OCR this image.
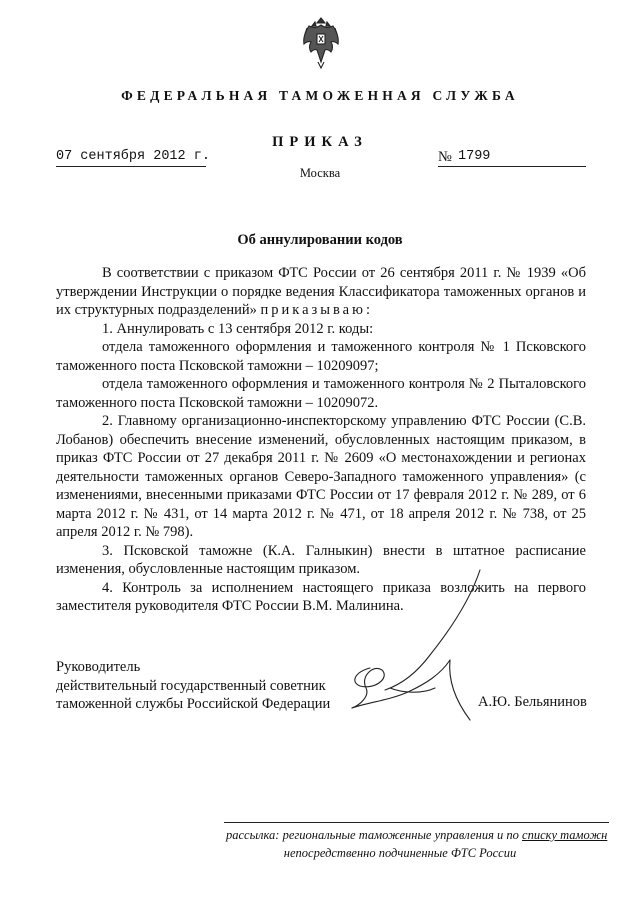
ФЕДЕРАЛЬНАЯ ТАМОЖЕННАЯ СЛУЖБА
ПРИКАЗ
07 сентября 2012 г.	№ 1799
Москва
Об аннулировании кодов

В соответствии с приказом ФТС России от 26 сентября 2011 г. № 1939 «Об утверждении Инструкции о порядке ведения Классификатора таможенных органов и их структурных подразделений» приказываю:

1. Аннулировать с 13 сентября 2012 г. коды:

отдела таможенного оформления и таможенного контроля № 1 Псковского таможенного поста Псковской таможни – 10209097;

отдела таможенного оформления и таможенного контроля № 2 Пыталовского таможенного поста Псковской таможни – 10209072.

2. Главному организационно-инспекторскому управлению ФТС России (С.В. Лобанов) обеспечить внесение изменений, обусловленных настоящим приказом, в приказ ФТС России от 27 декабря 2011 г. № 2609 «О местонахождении и регионах деятельности таможенных органов Северо-Западного таможенного управления» (с изменениями, внесенными приказами ФТС России от 17 февраля 2012 г. № 289, от 6 марта 2012 г. № 431, от 14 марта 2012 г. № 471, от 18 апреля 2012 г. № 738, от 25 апреля 2012 г. № 798).

3. Псковской таможне (К.А. Галныкин) внести в штатное расписание изменения, обусловленные настоящим приказом.

4. Контроль за исполнением настоящего приказа возложить на первого заместителя руководителя ФТС России В.М. Малинина.

Руководитель
действительный государственный советник
таможенной службы Российской Федерации	А.Ю. Бельянинов
рассылка: региональные таможенные управления и по списку таможн
непосредственно подчиненные ФТС России
